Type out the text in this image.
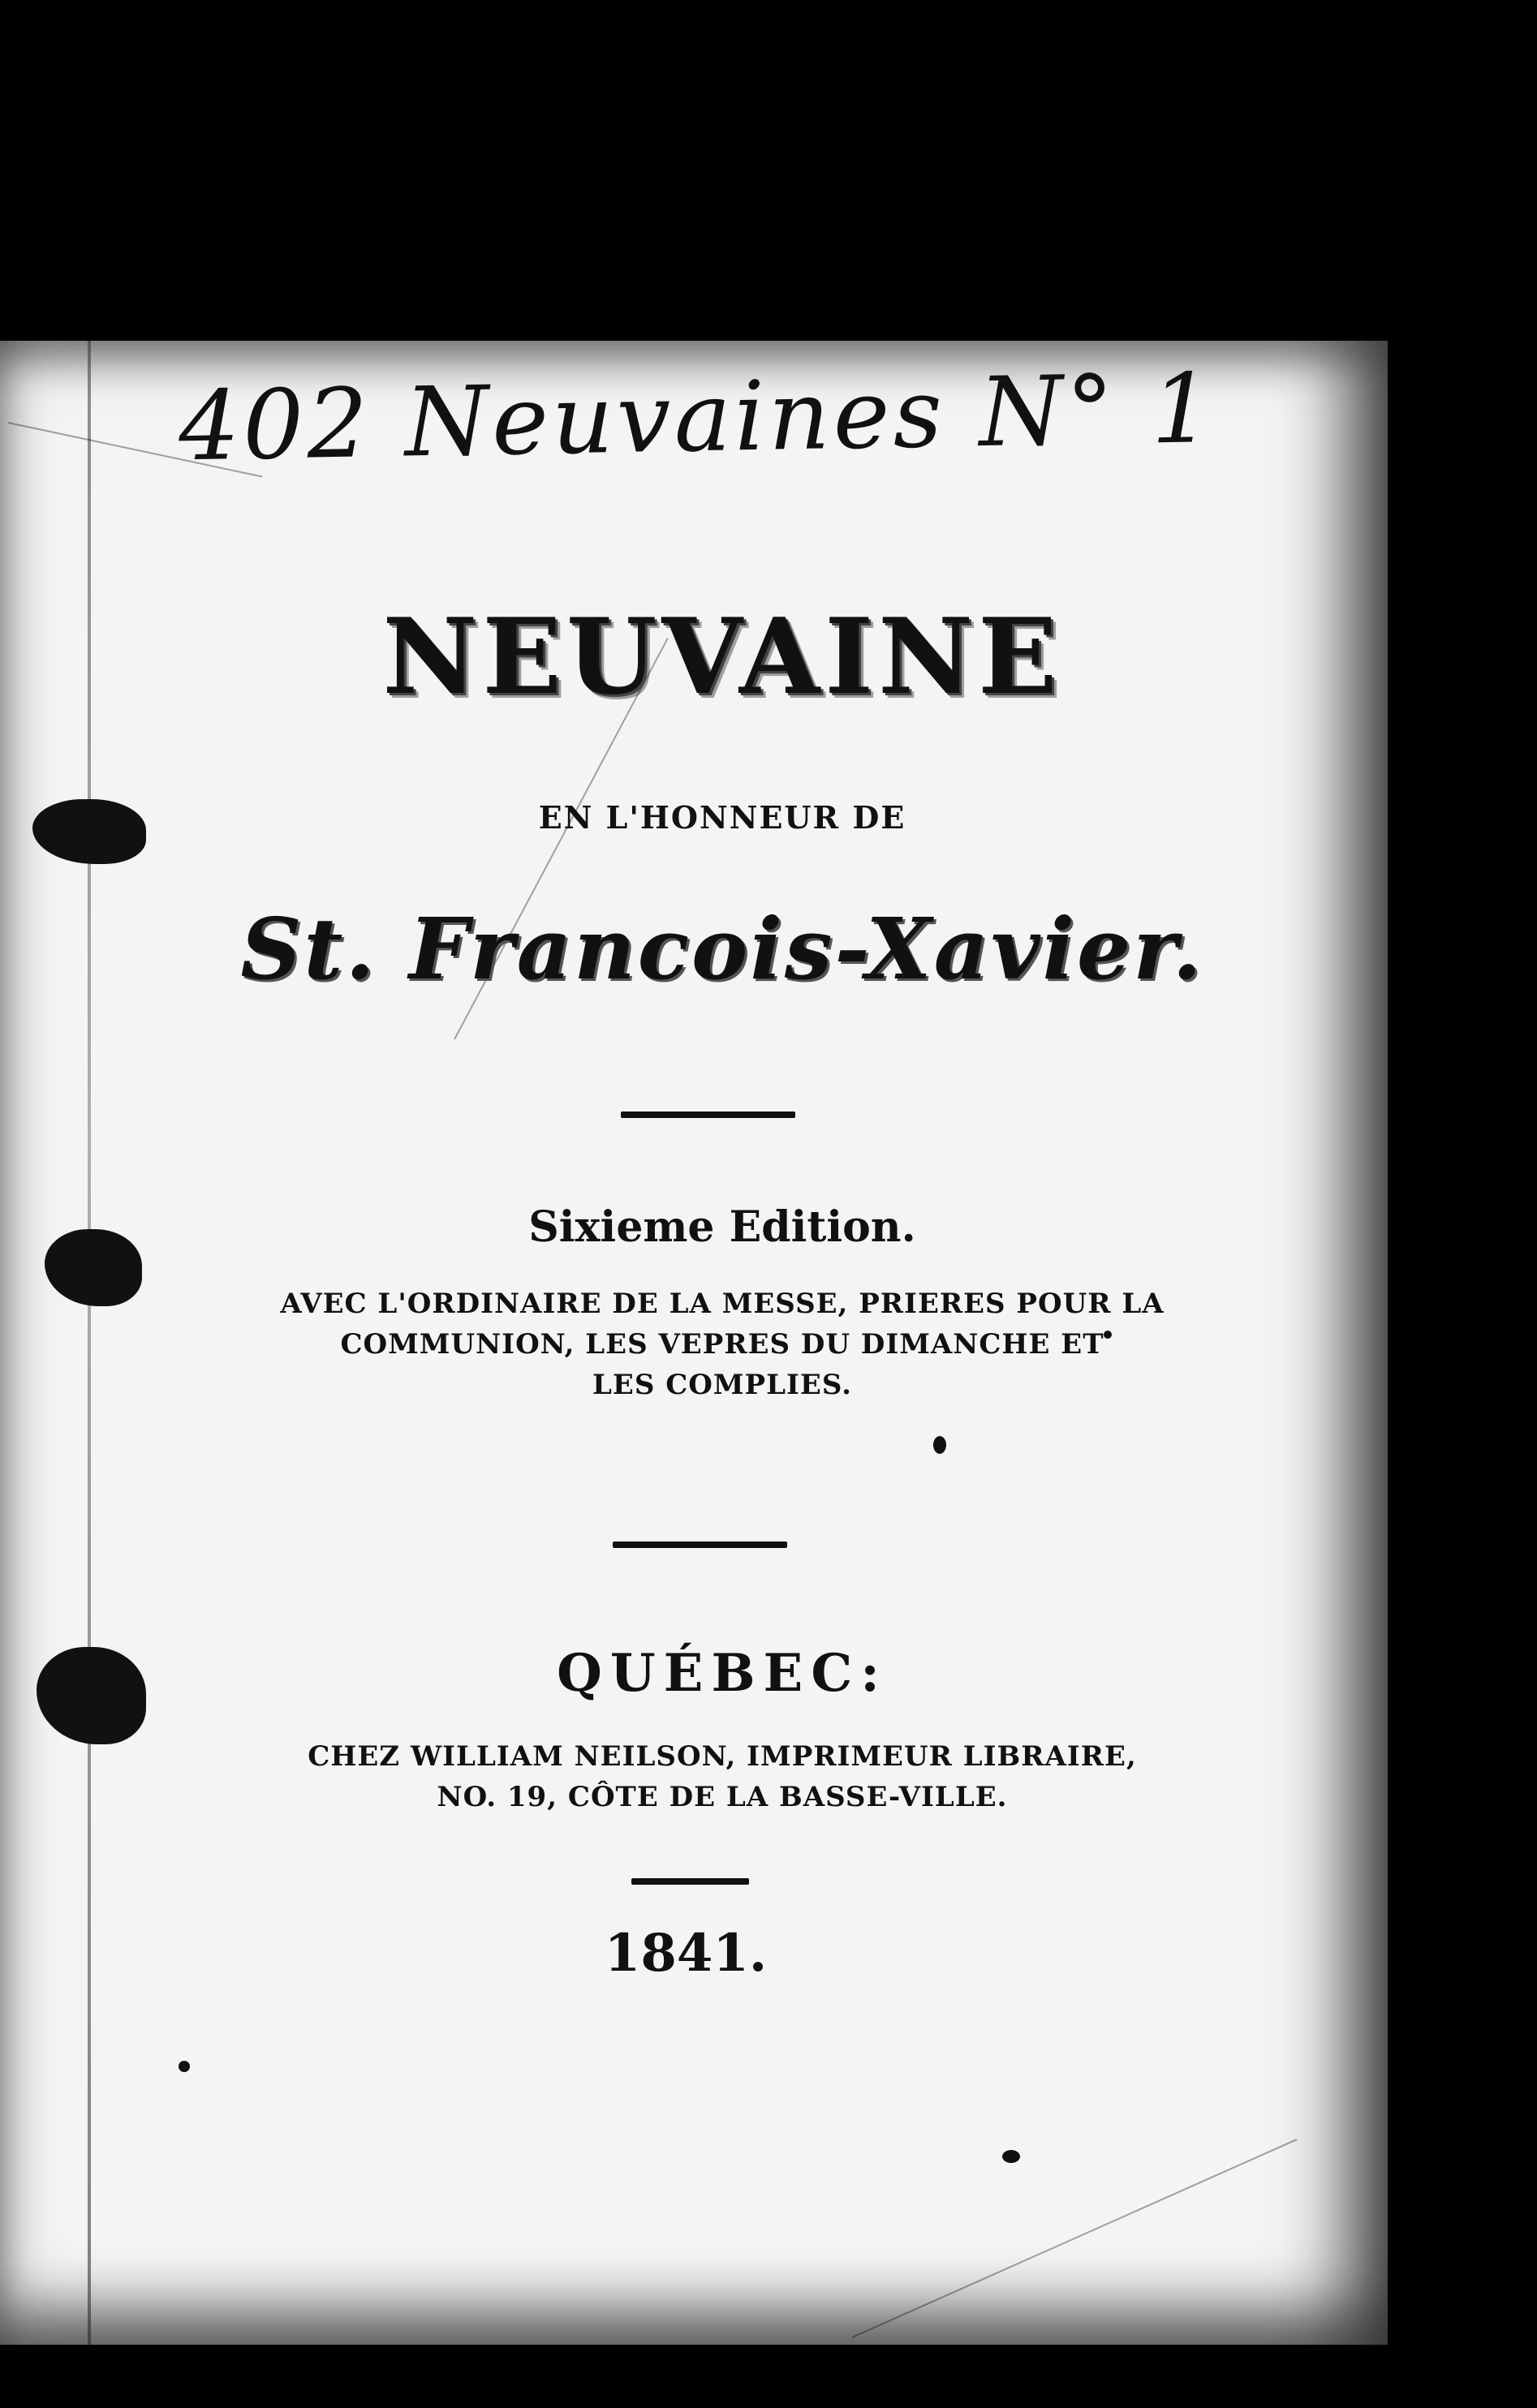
402 Neuvaines N° 1
NEUVAINE
EN L'HONNEUR DE
St. Francois-Xavier.
Sixieme Edition.
AVEC L'ORDINAIRE DE LA MESSE, PRIERES POUR LA
COMMUNION, LES VEPRES DU DIMANCHE ET
LES COMPLIES.
QUÉBEC:
CHEZ WILLIAM NEILSON, IMPRIMEUR LIBRAIRE,
NO. 19, CÔTE DE LA BASSE-VILLE.
1841.
